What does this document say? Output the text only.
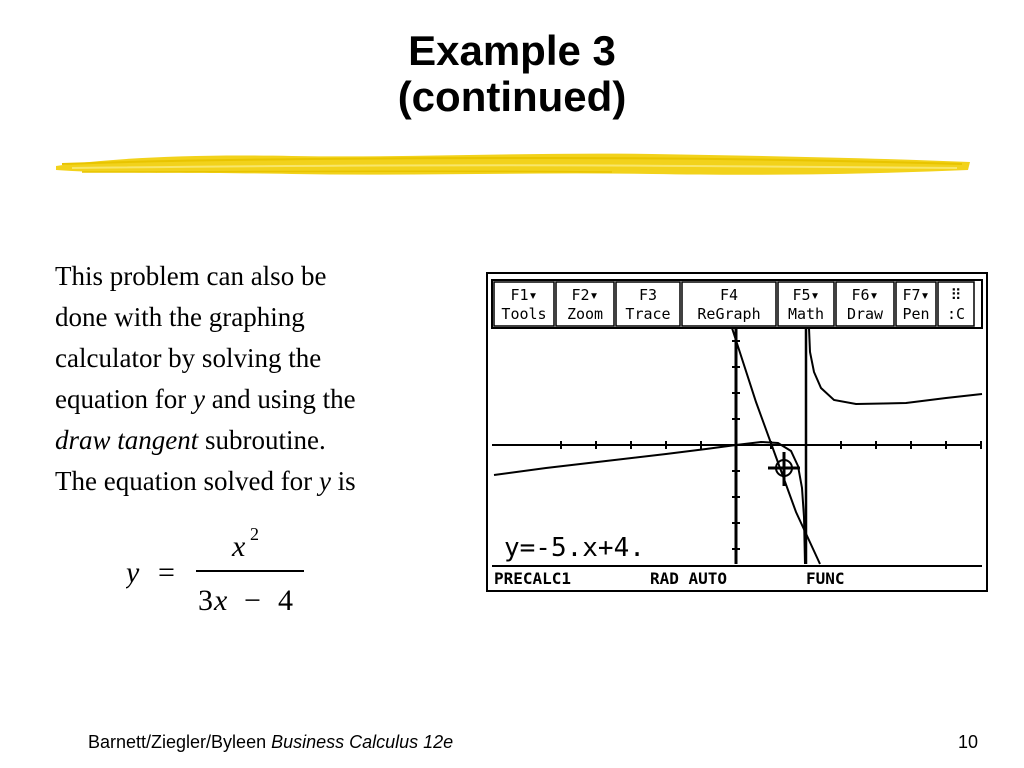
Example 3
(continued)
This problem can also be
done with the graphing
calculator by solving the
equation for y and using the
draw tangent subroutine.
The equation solved for y is
y =
x 2
3 x − 4
F1▾
Tools
F2▾
Zoom
F3
Trace
F4
ReGraph
F5▾
Math
F6▾
Draw
F7▾
Pen
⠿
:C
y=-5.x+4.
PRECALC1	RAD AUTO	FUNC
Barnett/Ziegler/Byleen Business Calculus 12e	10
